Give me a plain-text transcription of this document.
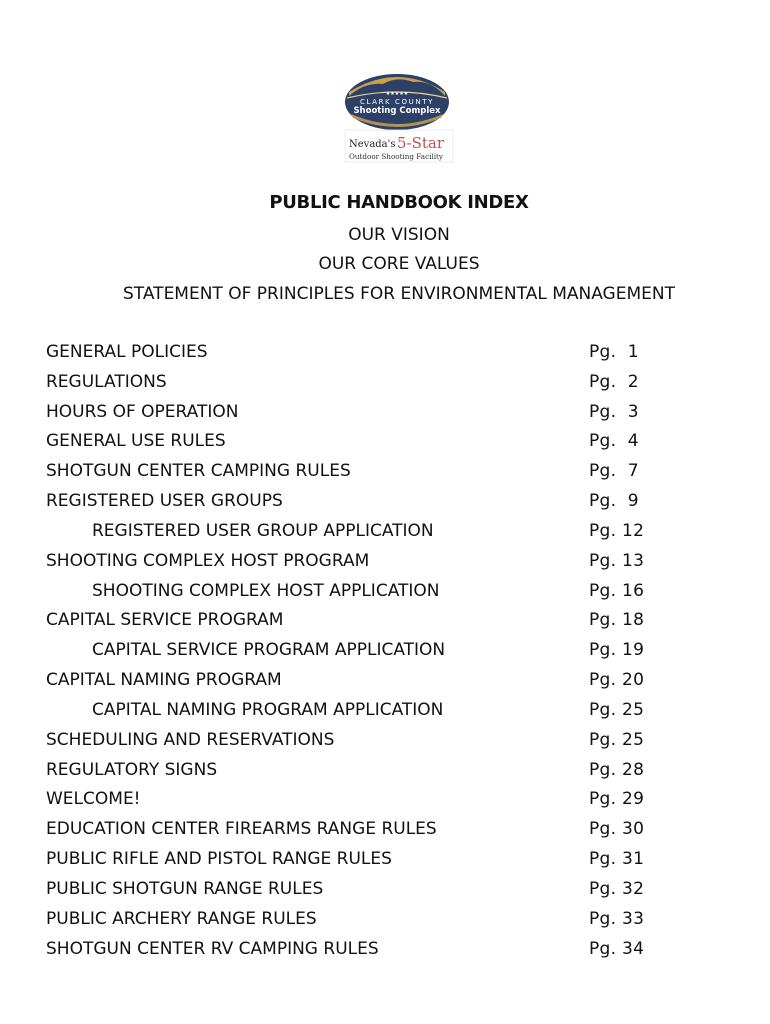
★★★★★
CLARK COUNTY
Shooting Complex
Las Vegas
Nevada's 5-Star
Outdoor Shooting Facility
PUBLIC HANDBOOK INDEX
OUR VISION
OUR CORE VALUES
STATEMENT OF PRINCIPLES FOR ENVIRONMENTAL MANAGEMENT
GENERAL POLICIES	Pg.  1
REGULATIONS	Pg.  2
HOURS OF OPERATION	Pg.  3
GENERAL USE RULES	Pg.  4
SHOTGUN CENTER CAMPING RULES	Pg.  7
REGISTERED USER GROUPS	Pg.  9
REGISTERED USER GROUP APPLICATION	Pg. 12
SHOOTING COMPLEX HOST PROGRAM	Pg. 13
SHOOTING COMPLEX HOST APPLICATION	Pg. 16
CAPITAL SERVICE PROGRAM	Pg. 18
CAPITAL SERVICE PROGRAM APPLICATION	Pg. 19
CAPITAL NAMING PROGRAM	Pg. 20
CAPITAL NAMING PROGRAM APPLICATION	Pg. 25
SCHEDULING AND RESERVATIONS	Pg. 25
REGULATORY SIGNS	Pg. 28
WELCOME!	Pg. 29
EDUCATION CENTER FIREARMS RANGE RULES	Pg. 30
PUBLIC RIFLE AND PISTOL RANGE RULES	Pg. 31
PUBLIC SHOTGUN RANGE RULES	Pg. 32
PUBLIC ARCHERY RANGE RULES	Pg. 33
SHOTGUN CENTER RV CAMPING RULES	Pg. 34
